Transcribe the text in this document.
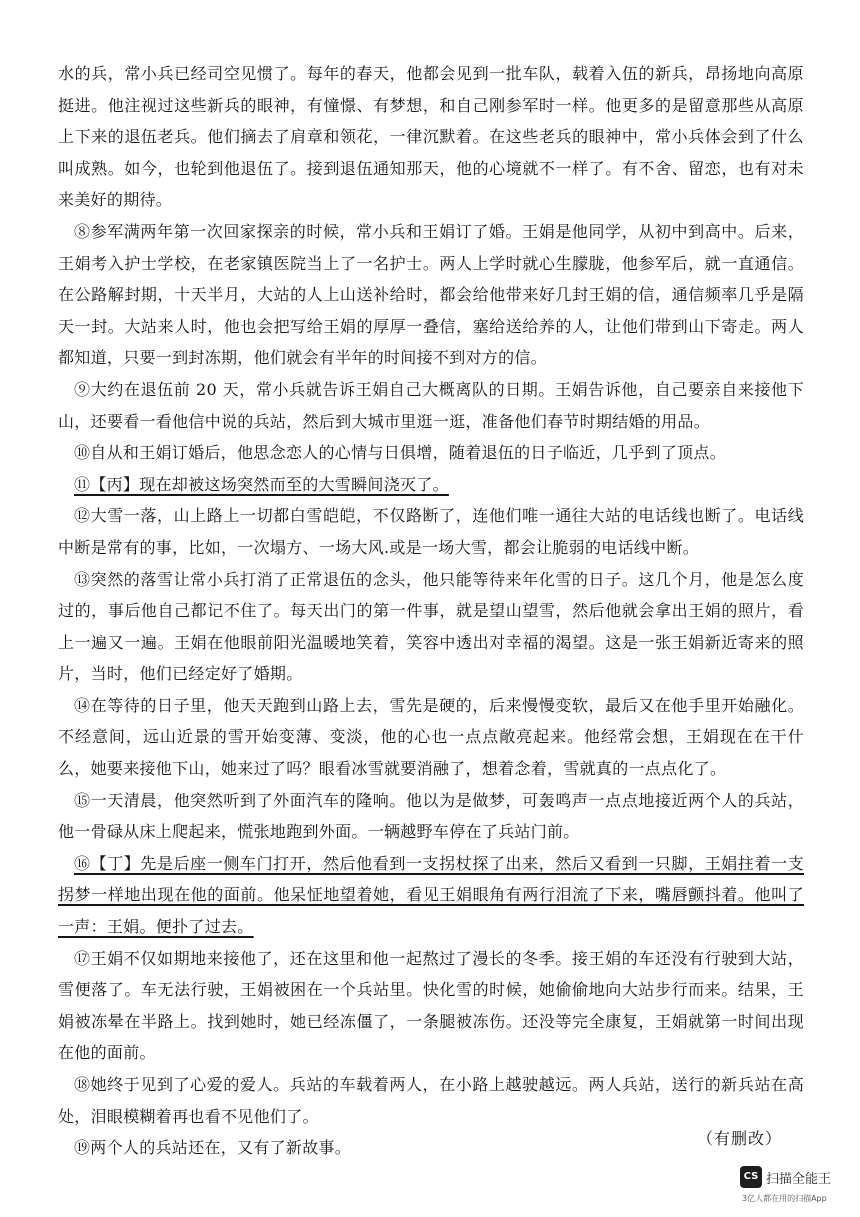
水的兵，常小兵已经司空见惯了。每年的春天，他都会见到一批车队，载着入伍的新兵，昂扬地向高原挺进。他注视过这些新兵的眼神，有憧憬、有梦想，和自己刚参军时一样。他更多的是留意那些从高原上下来的退伍老兵。他们摘去了肩章和领花，一律沉默着。在这些老兵的眼神中，常小兵体会到了什么叫成熟。如今，也轮到他退伍了。接到退伍通知那天，他的心境就不一样了。有不舍、留恋，也有对未来美好的期待。

⑧参军满两年第一次回家探亲的时候，常小兵和王娟订了婚。王娟是他同学，从初中到高中。后来，王娟考入护士学校，在老家镇医院当上了一名护士。两人上学时就心生朦胧，他参军后，就一直通信。在公路解封期，十天半月，大站的人上山送补给时，都会给他带来好几封王娟的信，通信频率几乎是隔天一封。大站来人时，他也会把写给王娟的厚厚一叠信，塞给送给养的人，让他们带到山下寄走。两人都知道，只要一到封冻期，他们就会有半年的时间接不到对方的信。

⑨大约在退伍前 20 天，常小兵就告诉王娟自己大概离队的日期。王娟告诉他，自己要亲自来接他下山，还要看一看他信中说的兵站，然后到大城市里逛一逛，准备他们春节时期结婚的用品。

⑩自从和王娟订婚后，他思念恋人的心情与日俱增，随着退伍的日子临近，几乎到了顶点。

⑪【丙】现在却被这场突然而至的大雪瞬间浇灭了。

⑫大雪一落，山上路上一切都白雪皑皑，不仅路断了，连他们唯一通往大站的电话线也断了。电话线中断是常有的事，比如，一次塌方、一场大风.或是一场大雪，都会让脆弱的电话线中断。

⑬突然的落雪让常小兵打消了正常退伍的念头，他只能等待来年化雪的日子。这几个月，他是怎么度过的，事后他自己都记不住了。每天出门的第一件事，就是望山望雪，然后他就会拿出王娟的照片，看上一遍又一遍。王娟在他眼前阳光温暖地笑着，笑容中透出对幸福的渴望。这是一张王娟新近寄来的照片，当时，他们已经定好了婚期。

⑭在等待的日子里，他天天跑到山路上去，雪先是硬的，后来慢慢变软，最后又在他手里开始融化。不经意间，远山近景的雪开始变薄、变淡，他的心也一点点敞亮起来。他经常会想，王娟现在在干什么，她要来接他下山，她来过了吗？眼看冰雪就要消融了，想着念着，雪就真的一点点化了。

⑮一天清晨，他突然听到了外面汽车的隆响。他以为是做梦，可轰鸣声一点点地接近两个人的兵站，他一骨碌从床上爬起来，慌张地跑到外面。一辆越野车停在了兵站门前。

⑯【丁】先是后座一侧车门打开，然后他看到一支拐杖探了出来，然后又看到一只脚，王娟拄着一支拐梦一样地出现在他的面前。他呆怔地望着她，看见王娟眼角有两行泪流了下来，嘴唇颤抖着。他叫了一声：王娟。便扑了过去。

⑰王娟不仅如期地来接他了，还在这里和他一起熬过了漫长的冬季。接王娟的车还没有行驶到大站，雪便落了。车无法行驶，王娟被困在一个兵站里。快化雪的时候，她偷偷地向大站步行而来。结果，王娟被冻晕在半路上。找到她时，她已经冻僵了，一条腿被冻伤。还没等完全康复，王娟就第一时间出现在他的面前。

⑱她终于见到了心爱的爱人。兵站的车载着两人，在小路上越驶越远。两人兵站，送行的新兵站在高处，泪眼模糊着再也看不见他们了。

⑲两个人的兵站还在，又有了新故事。	（有删改）
CS 扫描全能王
3亿人都在用的扫描App
